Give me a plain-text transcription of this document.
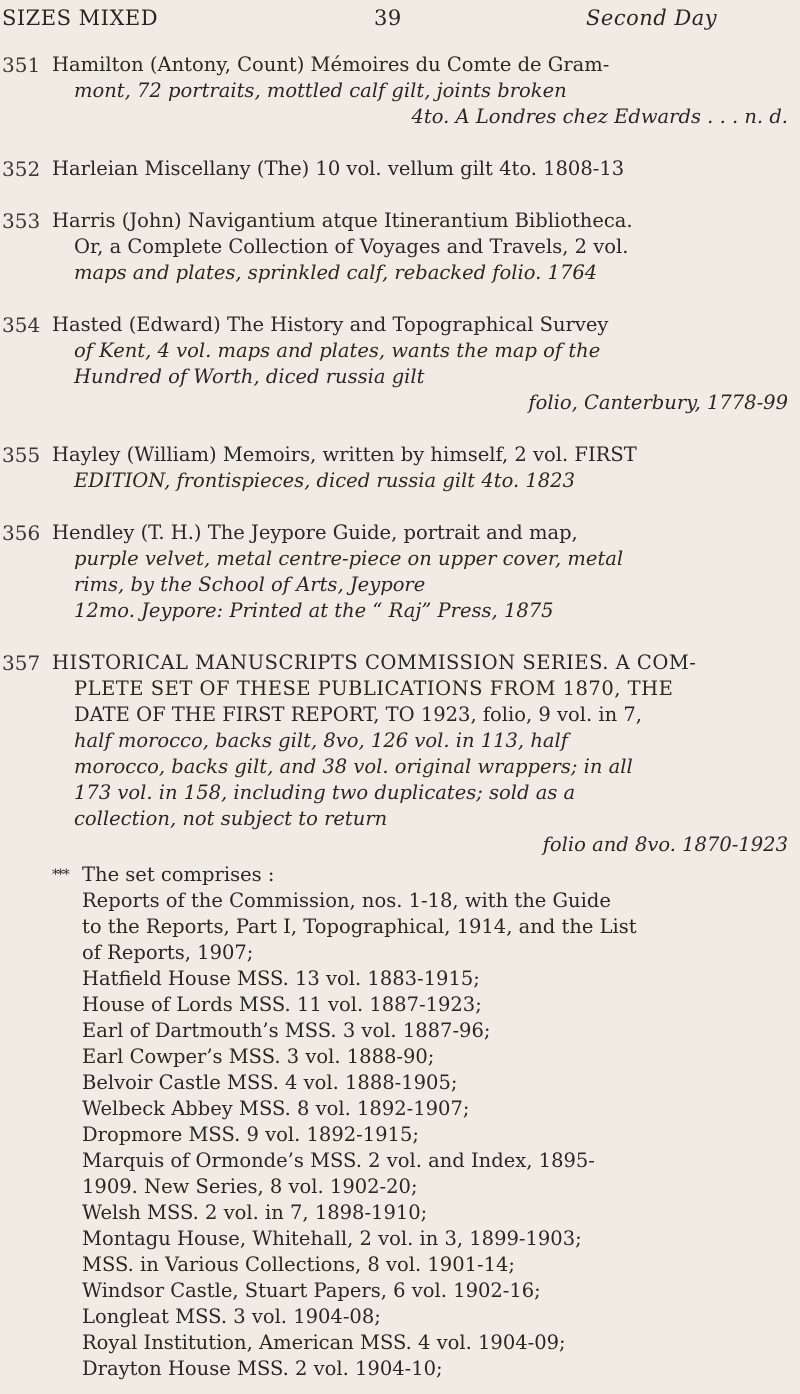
SIZES MIXED	39	Second Day
351 Hamilton (Antony, Count) Mémoires du Comte de Gram-
mont, 72 portraits, mottled calf gilt, joints broken
4to. A Londres chez Edwards . . . n. d.
352 Harleian Miscellany (The) 10 vol. vellum gilt 4to. 1808-13
353 Harris (John) Navigantium atque Itinerantium Bibliotheca.
Or, a Complete Collection of Voyages and Travels, 2 vol.
maps and plates, sprinkled calf, rebacked folio. 1764
354 Hasted (Edward) The History and Topographical Survey
of Kent, 4 vol. maps and plates, wants the map of the
Hundred of Worth, diced russia gilt
folio, Canterbury, 1778-99
355 Hayley (William) Memoirs, written by himself, 2 vol. FIRST
EDITION, frontispieces, diced russia gilt 4to. 1823
356 Hendley (T. H.) The Jeypore Guide, portrait and map,
purple velvet, metal centre-piece on upper cover, metal
rims, by the School of Arts, Jeypore
12mo. Jeypore: Printed at the “ Raj” Press, 1875
357 HISTORICAL MANUSCRIPTS COMMISSION SERIES. A COM-
PLETE SET OF THESE PUBLICATIONS FROM 1870, THE
DATE OF THE FIRST REPORT, TO 1923, folio, 9 vol. in 7,
half morocco, backs gilt, 8vo, 126 vol. in 113, half
morocco, backs gilt, and 38 vol. original wrappers; in all
173 vol. in 158, including two duplicates; sold as a
collection, not subject to return
folio and 8vo. 1870-1923
** * The set comprises :
Reports of the Commission, nos. 1-18, with the Guide
to the Reports, Part I, Topographical, 1914, and the List
of Reports, 1907;
Hatfield House MSS. 13 vol. 1883-1915;
House of Lords MSS. 11 vol. 1887-1923;
Earl of Dartmouth’s MSS. 3 vol. 1887-96;
Earl Cowper’s MSS. 3 vol. 1888-90;
Belvoir Castle MSS. 4 vol. 1888-1905;
Welbeck Abbey MSS. 8 vol. 1892-1907;
Dropmore MSS. 9 vol. 1892-1915;
Marquis of Ormonde’s MSS. 2 vol. and Index, 1895-
1909. New Series, 8 vol. 1902-20;
Welsh MSS. 2 vol. in 7, 1898-1910;
Montagu House, Whitehall, 2 vol. in 3, 1899-1903;
MSS. in Various Collections, 8 vol. 1901-14;
Windsor Castle, Stuart Papers, 6 vol. 1902-16;
Longleat MSS. 3 vol. 1904-08;
Royal Institution, American MSS. 4 vol. 1904-09;
Drayton House MSS. 2 vol. 1904-10;
